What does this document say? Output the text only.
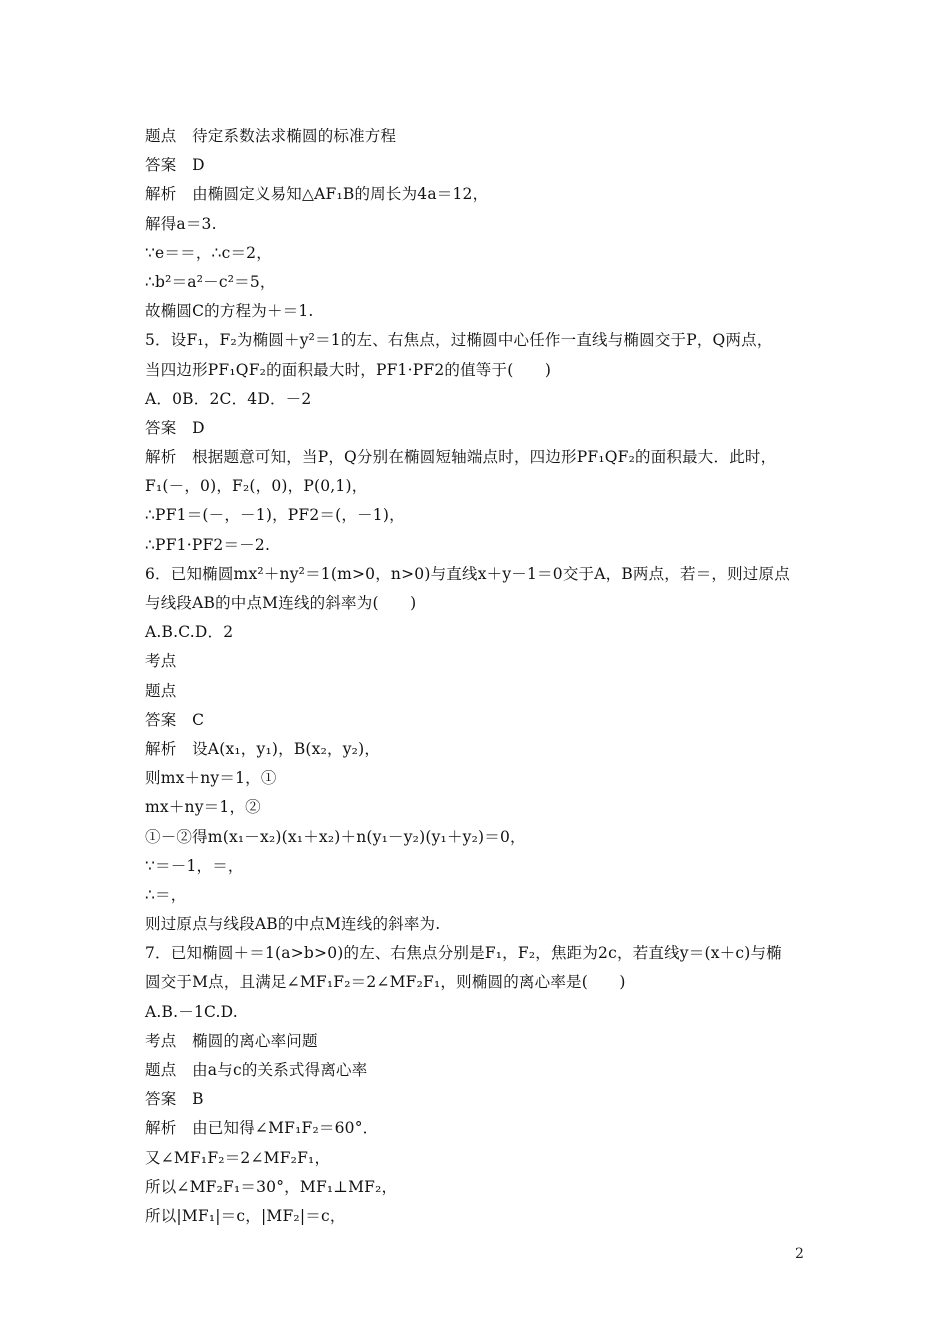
题点　待定系数法求椭圆的标准方程
答案　D
解析　由椭圆定义易知△AF₁B的周长为4a＝12，
解得a＝3.
∵e＝＝，∴c＝2，
∴b²＝a²－c²＝5，
故椭圆C的方程为＋＝1.
5．设F₁，F₂为椭圆＋y²＝1的左、右焦点，过椭圆中心任作一直线与椭圆交于P，Q两点，
当四边形PF₁QF₂的面积最大时，PF1·PF2的值等于(　　)
A．0B．2C．4D．－2
答案　D
解析　根据题意可知，当P，Q分别在椭圆短轴端点时，四边形PF₁QF₂的面积最大．此时，
F₁(－，0)，F₂(，0)，P(0,1)，
∴PF1＝(－，－1)，PF2＝(，－1)，
∴PF1·PF2＝－2.
6．已知椭圆mx²＋ny²＝1(m>0，n>0)与直线x＋y－1＝0交于A，B两点，若＝，则过原点
与线段AB的中点M连线的斜率为(　　)
A.B.C.D．2
考点
题点
答案　C
解析　设A(x₁，y₁)，B(x₂，y₂)，
则mx＋ny＝1，①
mx＋ny＝1，②
①－②得m(x₁－x₂)(x₁＋x₂)＋n(y₁－y₂)(y₁＋y₂)＝0，
∵＝－1，＝，
∴＝，
则过原点与线段AB的中点M连线的斜率为.
7．已知椭圆＋＝1(a>b>0)的左、右焦点分别是F₁，F₂，焦距为2c，若直线y＝(x＋c)与椭
圆交于M点，且满足∠MF₁F₂＝2∠MF₂F₁，则椭圆的离心率是(　　)
A.B.－1C.D.
考点　椭圆的离心率问题
题点　由a与c的关系式得离心率
答案　B
解析　由已知得∠MF₁F₂＝60°．
又∠MF₁F₂＝2∠MF₂F₁，
所以∠MF₂F₁＝30°，MF₁⊥MF₂，
所以|MF₁|＝c，|MF₂|＝c，
2
